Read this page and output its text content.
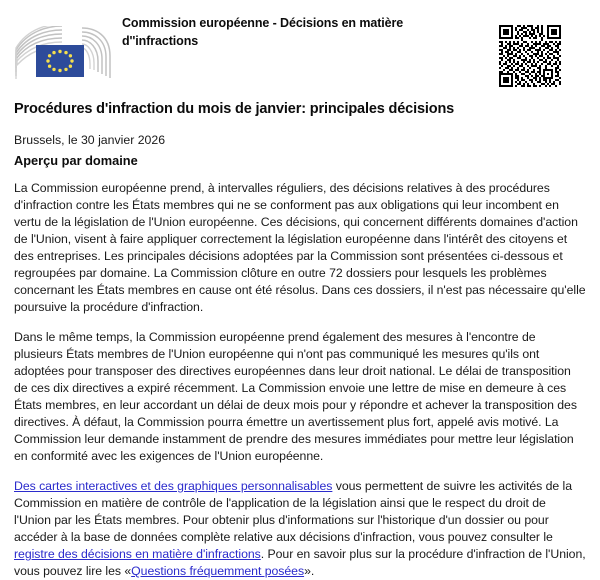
Commission européenne - Décisions en matière d''infractions
Procédures d'infraction du mois de janvier: principales décisions
Brussels, le 30 janvier 2026
Aperçu par domaine

La Commission européenne prend, à intervalles réguliers, des décisions relatives à des procédures d'infraction contre les États membres qui ne se conforment pas aux obligations qui leur incombent en vertu de la législation de l'Union européenne. Ces décisions, qui concernent différents domaines d'action de l'Union, visent à faire appliquer correctement la législation européenne dans l'intérêt des citoyens et des entreprises. Les principales décisions adoptées par la Commission sont présentées ci-dessous et regroupées par domaine. La Commission clôture en outre 72 dossiers pour lesquels les problèmes concernant les États membres en cause ont été résolus. Dans ces dossiers, il n'est pas nécessaire qu'elle poursuive la procédure d'infraction.

Dans le même temps, la Commission européenne prend également des mesures à l'encontre de plusieurs États membres de l'Union européenne qui n'ont pas communiqué les mesures qu'ils ont adoptées pour transposer des directives européennes dans leur droit national. Le délai de transposition de ces dix directives a expiré récemment. La Commission envoie une lettre de mise en demeure à ces États membres, en leur accordant un délai de deux mois pour y répondre et achever la transposition des directives. À défaut, la Commission pourra émettre un avertissement plus fort, appelé avis motivé. La Commission leur demande instamment de prendre des mesures immédiates pour mettre leur législation en conformité avec les exigences de l'Union européenne.

Des cartes interactives et des graphiques personnalisables vous permettent de suivre les activités de la Commission en matière de contrôle de l'application de la législation ainsi que le respect du droit de l'Union par les États membres. Pour obtenir plus d'informations sur l'historique d'un dossier ou pour accéder à la base de données complète relative aux décisions d'infraction, vous pouvez consulter le registre des décisions en matière d'infractions. Pour en savoir plus sur la procédure d'infraction de l'Union, vous pouvez lire les «Questions fréquemment posées».
